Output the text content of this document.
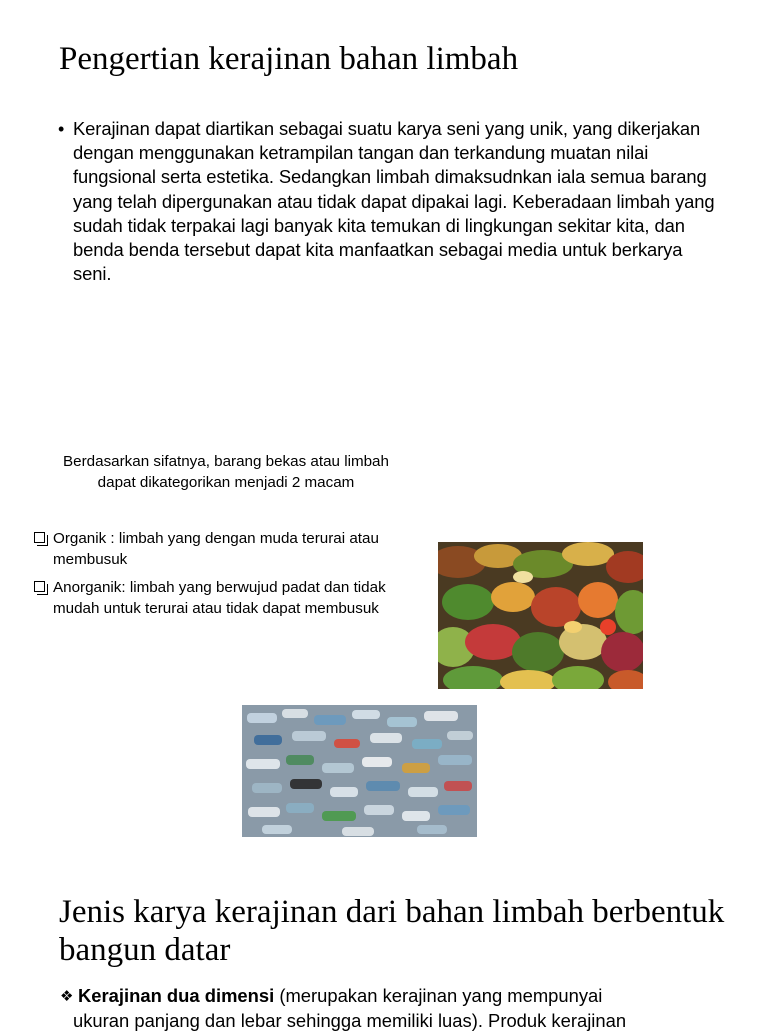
Pengertian kerajinan bahan limbah
• Kerajinan dapat diartikan sebagai suatu karya seni yang unik, yang dikerjakan dengan menggunakan ketrampilan tangan dan terkandung muatan nilai fungsional serta estetika. Sedangkan limbah dimaksudnkan iala semua barang yang telah dipergunakan atau tidak dapat dipakai lagi. Keberadaan limbah yang sudah tidak terpakai lagi banyak kita temukan di lingkungan sekitar kita, dan benda benda tersebut dapat kita manfaatkan sebagai media untuk berkarya seni.
Berdasarkan sifatnya, barang bekas atau limbah
dapat dikategorikan menjadi 2 macam
Organik : limbah yang dengan muda terurai atau membusuk
Anorganik: limbah yang berwujud padat dan tidak mudah untuk terurai atau tidak dapat membusuk
Jenis karya kerajinan dari bahan limbah berbentuk bangun datar
❖ Kerajinan dua dimensi (merupakan kerajinan yang mempunyai
ukuran panjang dan lebar sehingga memiliki luas). Produk kerajinan
